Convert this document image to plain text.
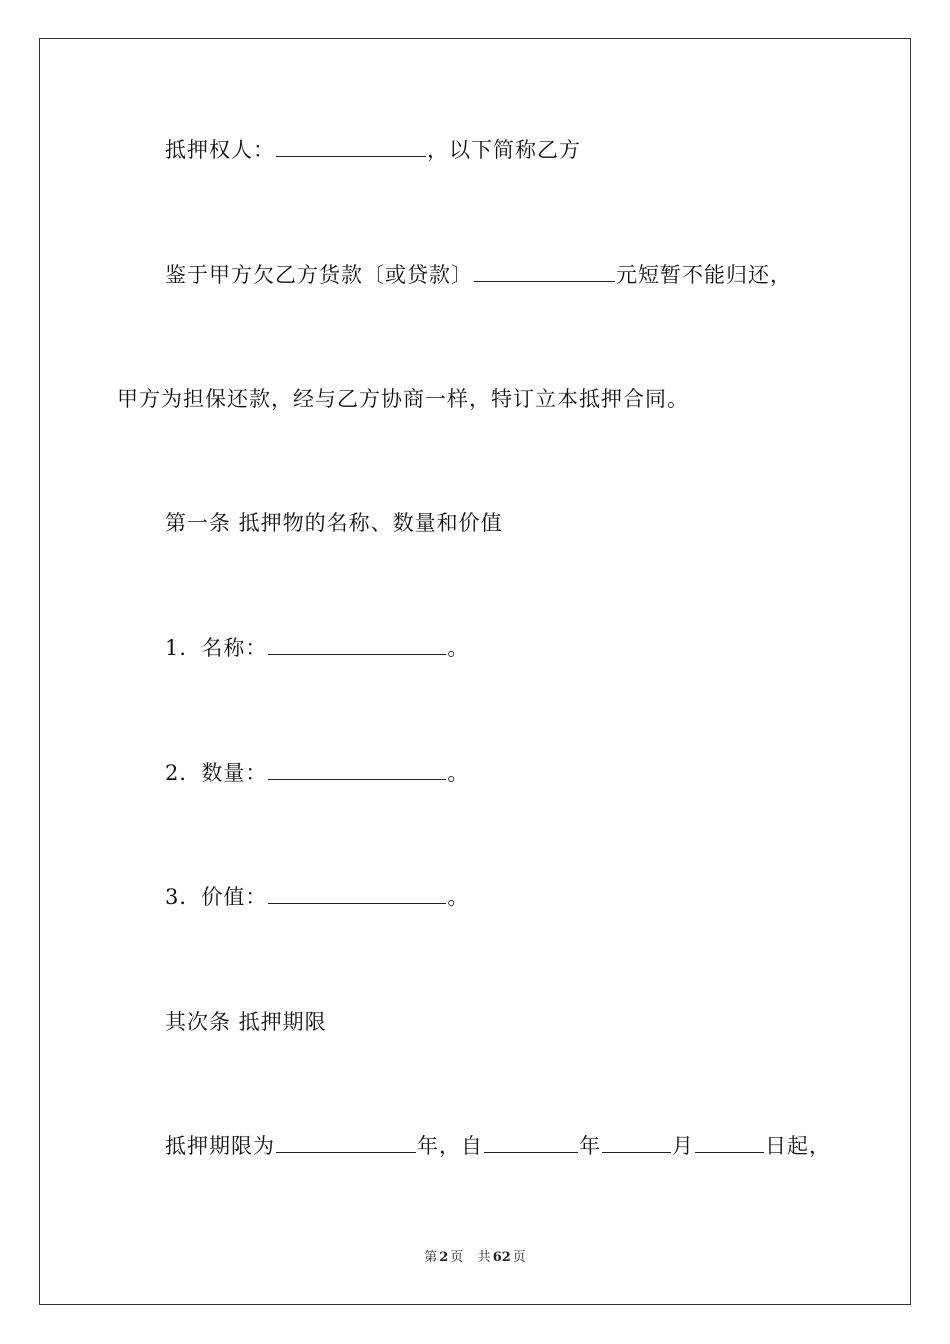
抵押权人：	，以下简称乙方
鉴于甲方欠乙方货款〔或贷款〕	元短暂不能归还，
甲方为担保还款，经与乙方协商一样，特订立本抵押合同。
第一条 抵押物的名称、数量和价值
1．名称：	。
2．数量：	。
3．价值：	。
其次条 抵押期限
抵押期限为	年，自	年	月	日起，
第 2 页 共 62 页
